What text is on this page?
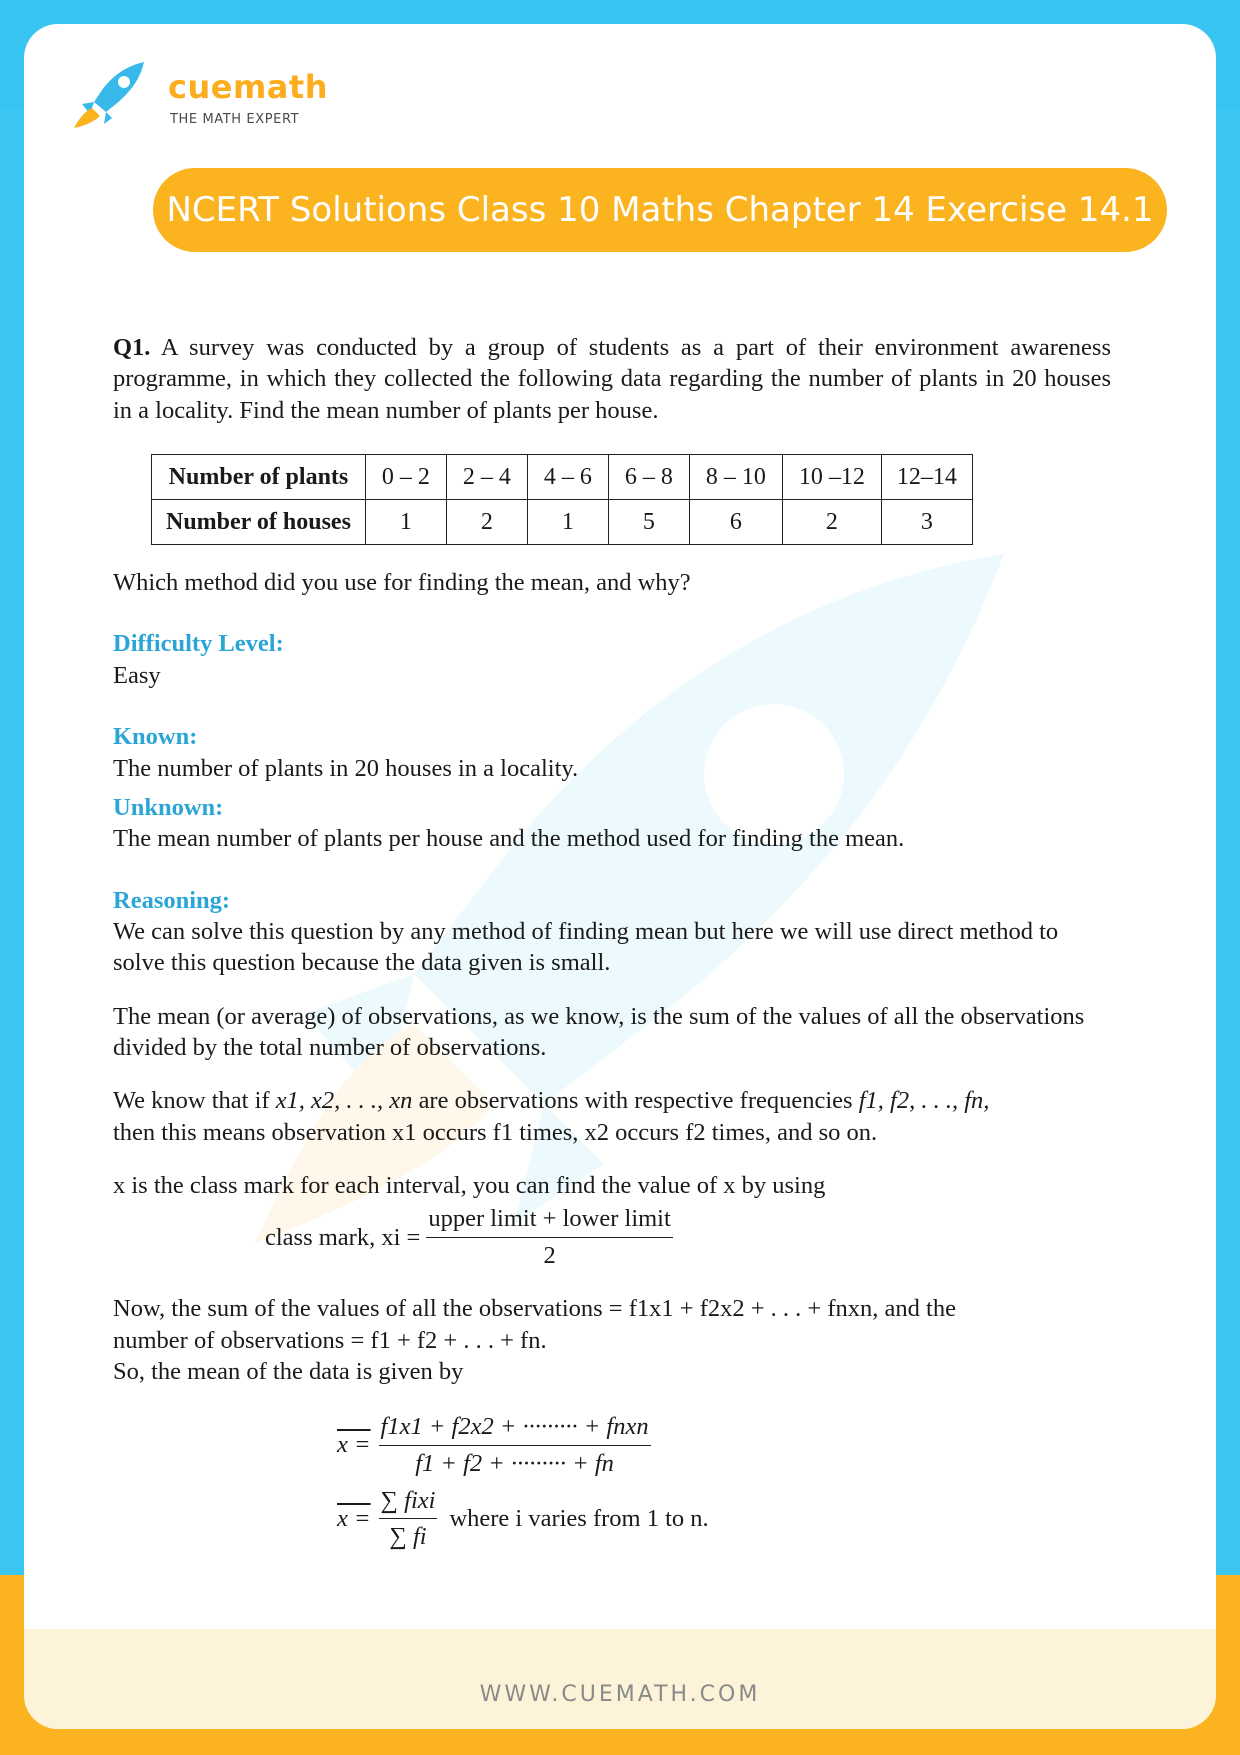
cuemath
THE MATH EXPERT
NCERT Solutions Class 10 Maths Chapter 14 Exercise 14.1

Q1. A survey was conducted by a group of students as a part of their environment awareness programme, in which they collected the following data regarding the number of plants in 20 houses in a locality. Find the mean number of plants per house.

Number of plants	0 – 2	2 – 4	4 – 6	6 – 8	8 – 10	10 –12	12–14
Number of houses	1	2	1	5	6	2	3

Which method did you use for finding the mean, and why?

Difficulty Level:

Easy

Known:

The number of plants in 20 houses in a locality.

Unknown:

The mean number of plants per house and the method used for finding the mean.

Reasoning:

We can solve this question by any method of finding mean but here we will use direct method to solve this question because the data given is small.

The mean (or average) of observations, as we know, is the sum of the values of all the observations divided by the total number of observations.

We know that if x1, x2, . . ., xn are observations with respective frequencies f1, f2, . . ., fn,

then this means observation x1 occurs f1 times, x2 occurs f2 times, and so on.

x is the class mark for each interval, you can find the value of x by using

class mark, xi = $\frac{\text{upper limit + lower limit}}{2}$

Now, the sum of the values of all the observations = f1x1 + f2x2 + . . . + fnxn, and the

number of observations = f1 + f2 + . . . + fn.

So, the mean of the data is given by

$x = \frac{\text{f1x1 + f2x2 + ········· + fnxn}}{f1 + f2 + \cdot\cdot\cdot\cdot\cdot\cdot\cdot\cdot\cdot + fn}$
$x = \frac{\text{∑ fixi}}{\sum fi}$ where i varies from 1 to n.
WWW.CUEMATH.COM
